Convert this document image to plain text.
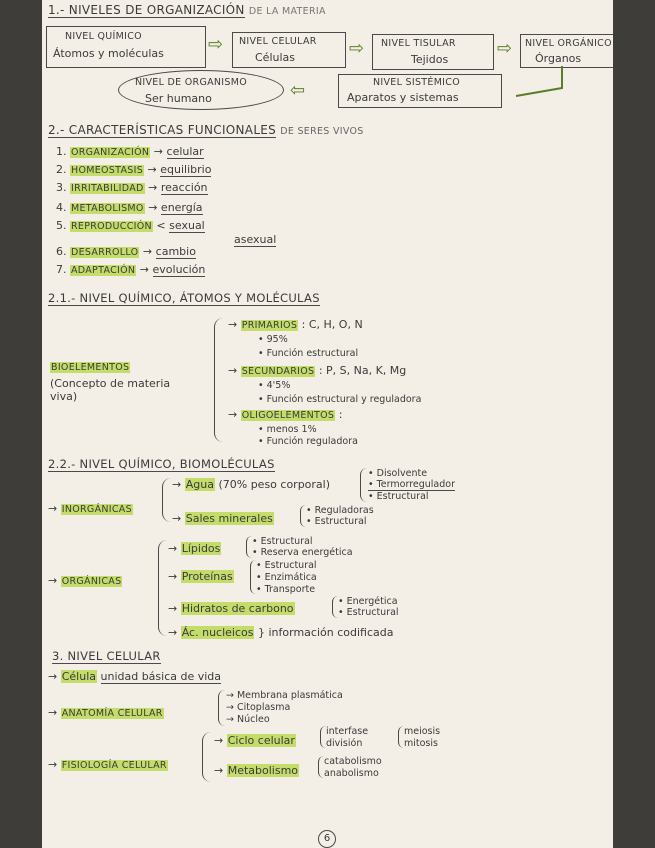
1.- NIVELES DE ORGANIZACIÓN DE LA MATERIA
NIVEL QUÍMICO
Átomos y moléculas ⇨ NIVEL CELULAR
Células	⇨ NIVEL TISULAR
Tejidos
⇨ NIVEL ORGÁNICO
Órganos
NIVEL SISTÉMICO
Aparatos y sistemas
⇦
NIVEL DE ORGANISMO
Ser humano
2.- CARACTERÍSTICAS FUNCIONALES DE SERES VIVOS
1. ORGANIZACIÓN → celular
2. HOMEOSTASIS → equilibrio
3. IRRITABILIDAD → reacción
4. METABOLISMO → energía
5. REPRODUCCIÓN < sexual
asexual
6. DESARROLLO → cambio
7. ADAPTACIÓN → evolución
2.1.- NIVEL QUÍMICO, ÁTOMOS Y MOLÉCULAS
BIOELEMENTOS
(Concepto de materia
viva)
→ PRIMARIOS : C, H, O, N
• 95%
• Función estructural
→ SECUNDARIOS : P, S, Na, K, Mg
• 4'5%
• Función estructural y reguladora
→ OLIGOELEMENTOS :
• menos 1%
• Función reguladora
2.2.- NIVEL QUÍMICO, BIOMOLÉCULAS
→ INORGÁNICAS
→ Agua (70% peso corporal)
• Disolvente
• Termorregulador
• Estructural
→ Sales minerales
• Reguladoras
• Estructural
→ ORGÁNICAS
→ Lípidos
• Estructural
• Reserva energética
→ Proteínas
• Estructural
• Enzimática
• Transporte
→ Hidratos de carbono
• Energética
• Estructural
→ Ác. nucleicos } información codificada
3. NIVEL CELULAR
→ Célula unidad básica de vida
→ ANATOMÍA CELULAR
→ Membrana plasmática
→ Citoplasma
→ Núcleo
→ FISIOLOGÍA CELULAR
→ Ciclo celular
interfase
división
meiosis
mitosis
→ Metabolismo
catabolismo
anabolismo
6
